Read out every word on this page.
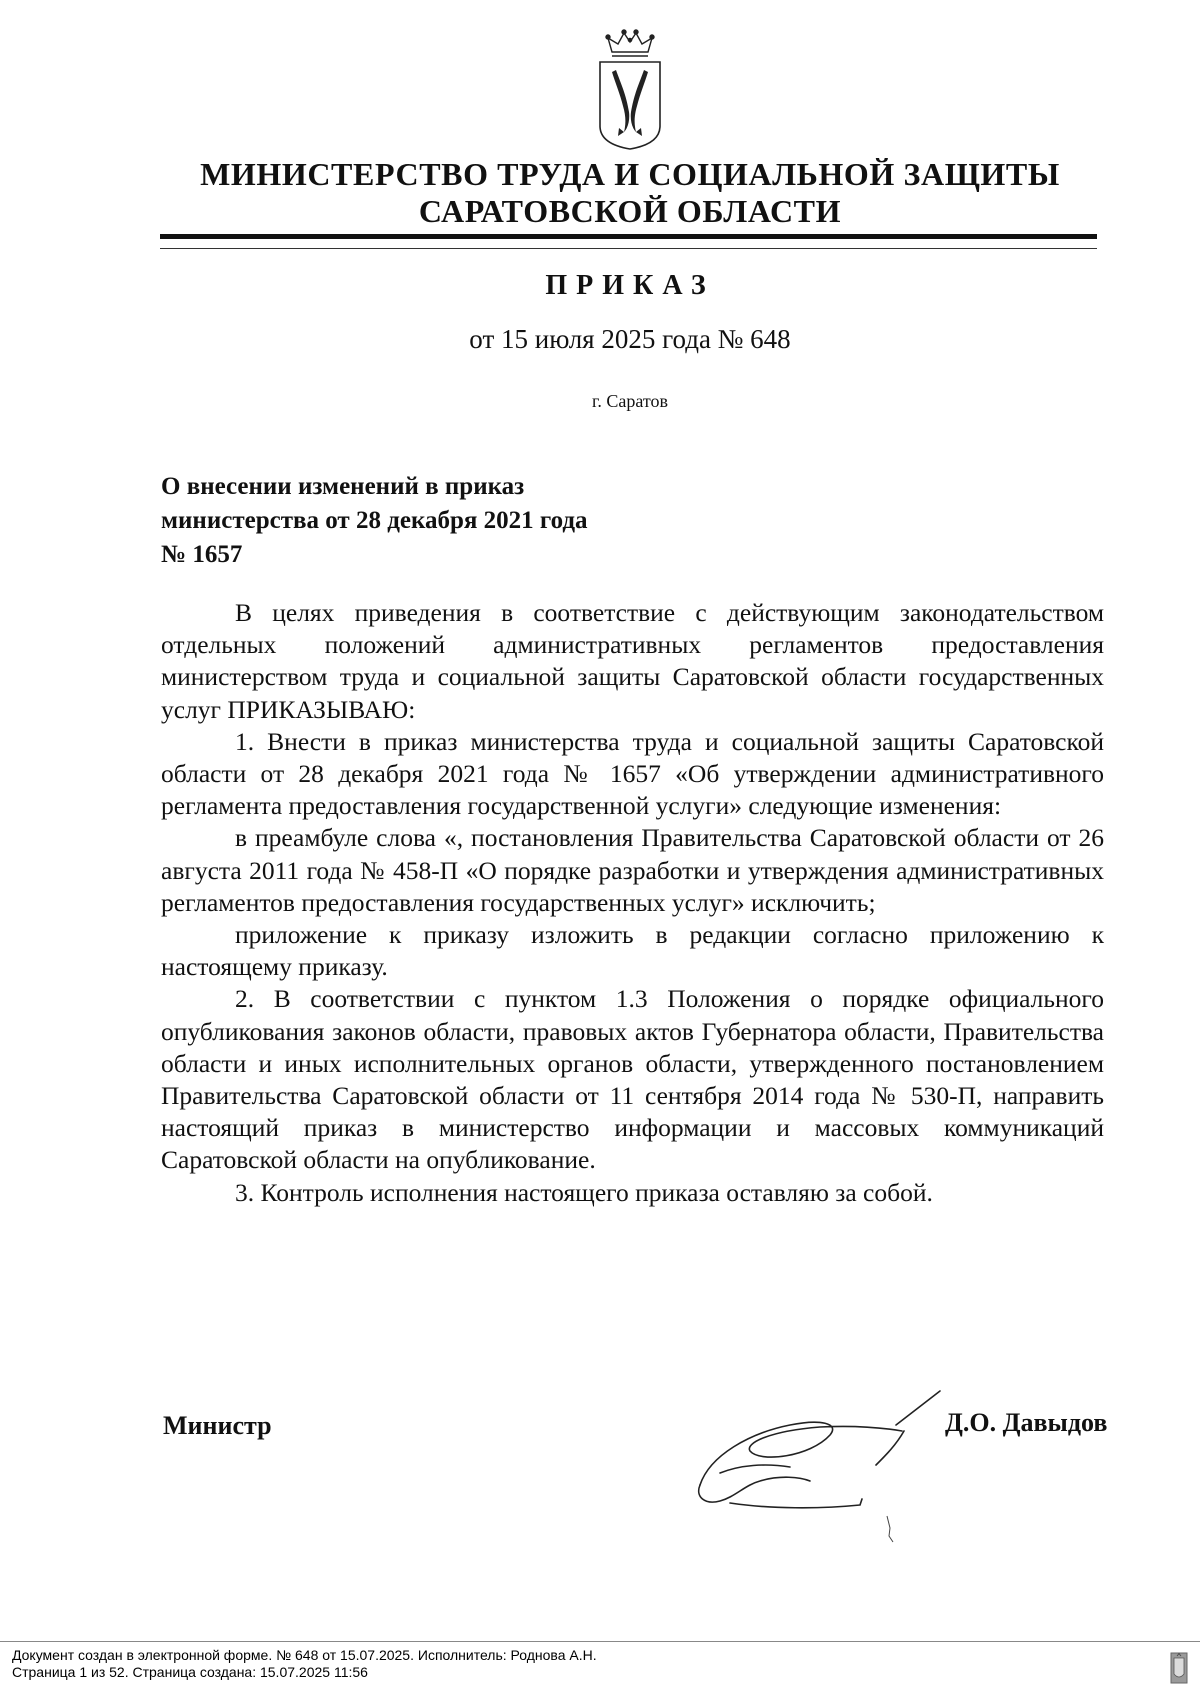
МИНИСТЕРСТВО ТРУДА И СОЦИАЛЬНОЙ ЗАЩИТЫ
САРАТОВСКОЙ ОБЛАСТИ
ПРИКАЗ
от 15 июля 2025 года № 648
г. Саратов
О внесении изменений в приказ
министерства от 28 декабря 2021 года
№ 1657

В целях приведения в соответствие с действующим законодательством отдельных положений административных регламентов предоставления министерством труда и социальной защиты Саратовской области государственных услуг ПРИКАЗЫВАЮ:

1. Внести в приказ министерства труда и социальной защиты Саратовской области от 28 декабря 2021 года № 1657 «Об утверждении административного регламента предоставления государственной услуги» следующие изменения:

в преамбуле слова «, постановления Правительства Саратовской области от 26 августа 2011 года № 458-П «О порядке разработки и утверждения административных регламентов предоставления государственных услуг» исключить;

приложение к приказу изложить в редакции согласно приложению к настоящему приказу.

2. В соответствии с пунктом 1.3 Положения о порядке официального опубликования законов области, правовых актов Губернатора области, Правительства области и иных исполнительных органов области, утвержденного постановлением Правительства Саратовской области от 11 сентября 2014 года № 530-П, направить настоящий приказ в министерство информации и массовых коммуникаций Саратовской области на опубликование.

3. Контроль исполнения настоящего приказа оставляю за собой.

Министр	Д.О. Давыдов
Документ создан в электронной форме. № 648 от 15.07.2025. Исполнитель: Роднова А.Н.
Страница 1 из 52. Страница создана: 15.07.2025 11:56
